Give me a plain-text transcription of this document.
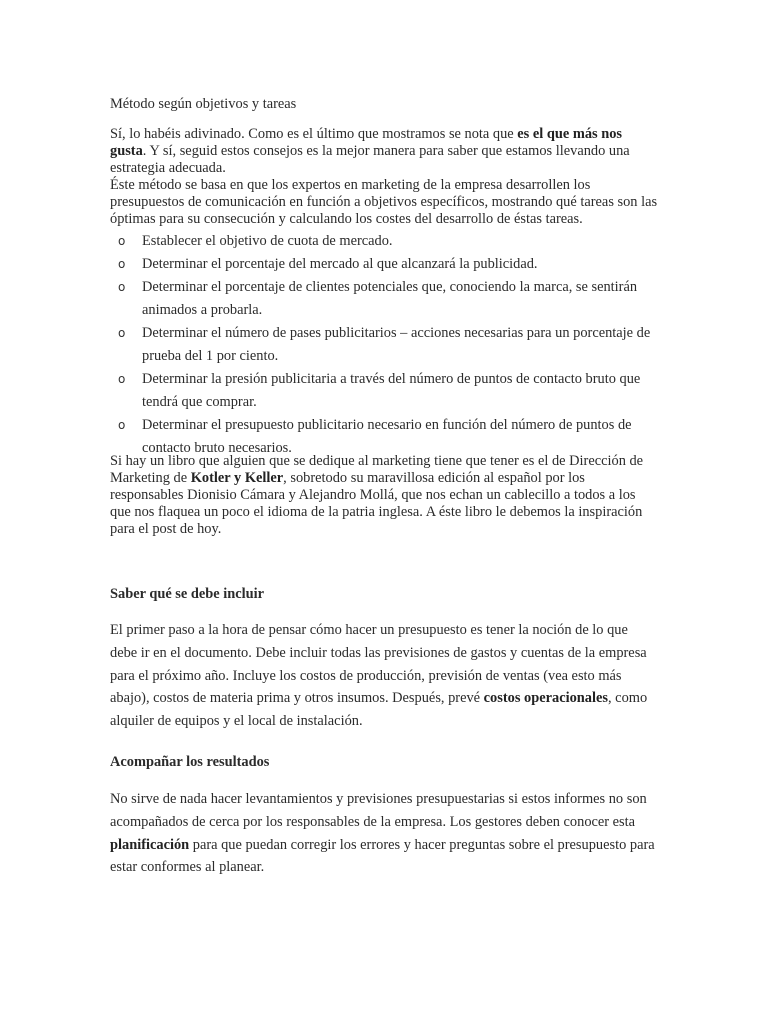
Método según objetivos y tareas

Sí, lo habéis adivinado. Como es el último que mostramos se nota que es el que más nos gusta. Y sí, seguid estos consejos es la mejor manera para saber que estamos llevando una estrategia adecuada.

Éste método se basa en que los expertos en marketing de la empresa desarrollen los presupuestos de comunicación en función a objetivos específicos, mostrando qué tareas son las óptimas para su consecución y calculando los costes del desarrollo de éstas tareas.

o Establecer el objetivo de cuota de mercado.
o Determinar el porcentaje del mercado al que alcanzará la publicidad.
o Determinar el porcentaje de clientes potenciales que, conociendo la marca, se sentirán animados a probarla.
o Determinar el número de pases publicitarios – acciones necesarias para un porcentaje de prueba del 1 por ciento.
o Determinar la presión publicitaria a través del número de puntos de contacto bruto que tendrá que comprar.
o Determinar el presupuesto publicitario necesario en función del número de puntos de contacto bruto necesarios.

Si hay un libro que alguien que se dedique al marketing tiene que tener es el de Dirección de Marketing de Kotler y Keller, sobretodo su maravillosa edición al español por los responsables Dionisio Cámara y Alejandro Mollá, que nos echan un cablecillo a todos a los que nos flaquea un poco el idioma de la patria inglesa. A éste libro le debemos la inspiración para el post de hoy.

Saber qué se debe incluir

El primer paso a la hora de pensar cómo hacer un presupuesto es tener la noción de lo que debe ir en el documento. Debe incluir todas las previsiones de gastos y cuentas de la empresa para el próximo año. Incluye los costos de producción, previsión de ventas (vea esto más abajo), costos de materia prima y otros insumos. Después, prevé costos operacionales, como alquiler de equipos y el local de instalación.

Acompañar los resultados

No sirve de nada hacer levantamientos y previsiones presupuestarias si estos informes no son acompañados de cerca por los responsables de la empresa. Los gestores deben conocer esta planificación para que puedan corregir los errores y hacer preguntas sobre el presupuesto para estar conformes al planear.
